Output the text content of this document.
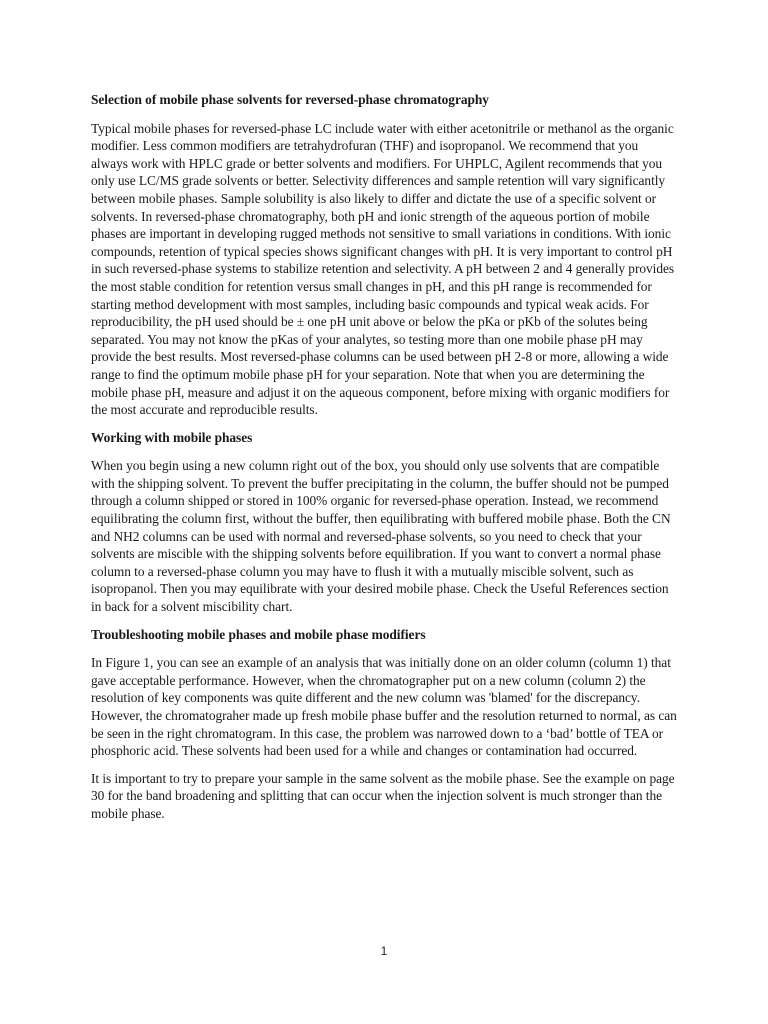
Selection of mobile phase solvents for reversed-phase chromatography

Typical mobile phases for reversed-phase LC include water with either acetonitrile or methanol as the organic modifier. Less common modifiers are tetrahydrofuran (THF) and isopropanol. We recommend that you always work with HPLC grade or better solvents and modifiers. For UHPLC, Agilent recommends that you only use LC/MS grade solvents or better. Selectivity differences and sample retention will vary significantly between mobile phases. Sample solubility is also likely to differ and dictate the use of a specific solvent or solvents. In reversed-phase chromatography, both pH and ionic strength of the aqueous portion of mobile phases are important in developing rugged methods not sensitive to small variations in conditions. With ionic compounds, retention of typical species shows significant changes with pH. It is very important to control pH in such reversed-phase systems to stabilize retention and selectivity. A pH between 2 and 4 generally provides the most stable condition for retention versus small changes in pH, and this pH range is recommended for starting method development with most samples, including basic compounds and typical weak acids. For reproducibility, the pH used should be ± one pH unit above or below the pKa or pKb of the solutes being separated. You may not know the pKas of your analytes, so testing more than one mobile phase pH may provide the best results. Most reversed-phase columns can be used between pH 2-8 or more, allowing a wide range to find the optimum mobile phase pH for your separation. Note that when you are determining the mobile phase pH, measure and adjust it on the aqueous component, before mixing with organic modifiers for the most accurate and reproducible results.

Working with mobile phases

When you begin using a new column right out of the box, you should only use solvents that are compatible with the shipping solvent. To prevent the buffer precipitating in the column, the buffer should not be pumped through a column shipped or stored in 100% organic for reversed-phase operation. Instead, we recommend equilibrating the column first, without the buffer, then equilibrating with buffered mobile phase. Both the CN and NH2 columns can be used with normal and reversed-phase solvents, so you need to check that your solvents are miscible with the shipping solvents before equilibration. If you want to convert a normal phase column to a reversed-phase column you may have to flush it with a mutually miscible solvent, such as isopropanol. Then you may equilibrate with your desired mobile phase. Check the Useful References section in back for a solvent miscibility chart.

Troubleshooting mobile phases and mobile phase modifiers

In Figure 1, you can see an example of an analysis that was initially done on an older column (column 1) that gave acceptable performance. However, when the chromatographer put on a new column (column 2) the resolution of key components was quite different and the new column was 'blamed' for the discrepancy. However, the chromatograher made up fresh mobile phase buffer and the resolution returned to normal, as can be seen in the right chromatogram. In this case, the problem was narrowed down to a ‘bad’ bottle of TEA or phosphoric acid. These solvents had been used for a while and changes or contamination had occurred.

It is important to try to prepare your sample in the same solvent as the mobile phase. See the example on page 30 for the band broadening and splitting that can occur when the injection solvent is much stronger than the mobile phase.

1
